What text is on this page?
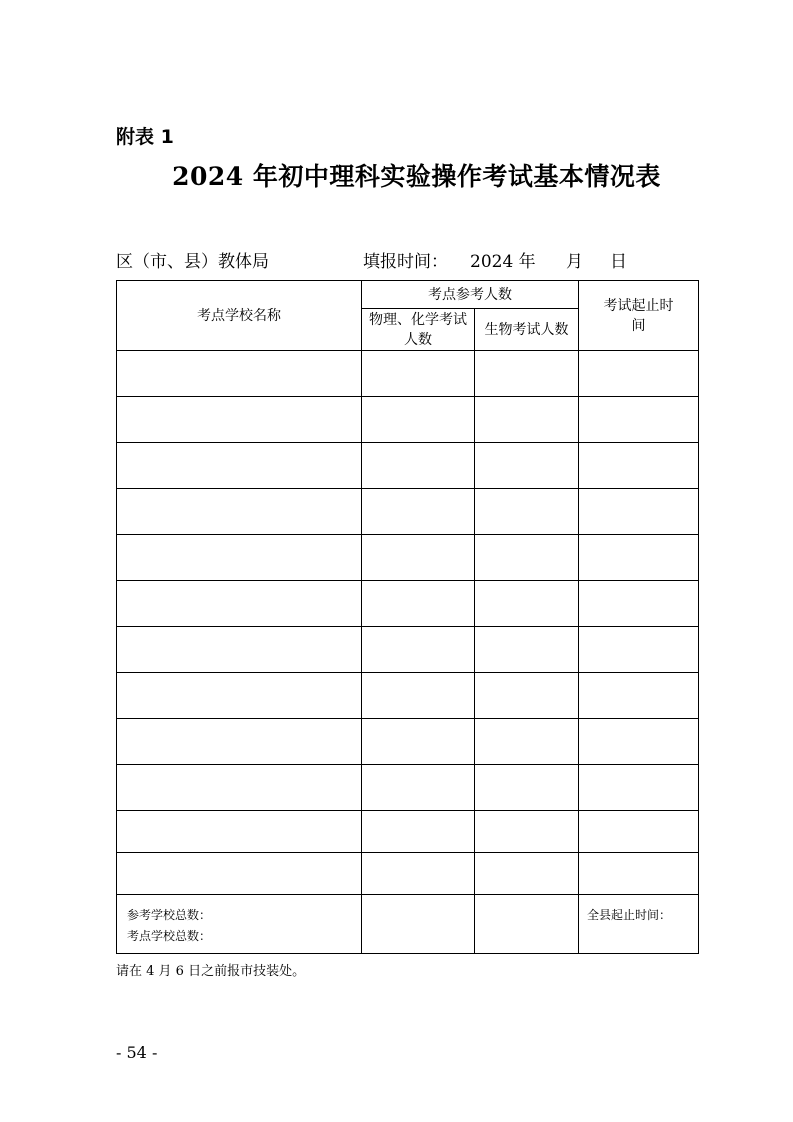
附表 1
2024 年初中理科实验操作考试基本情况表

区（市、县）教体局

	填报时间：

2024 年

月

日

考点学校名称	考点参考人数		考试起止时　间
	物理、化学考试人数	生物考试人数	

参考学校总数：
考点学校总数：			全县起止时间：
请在 4 月 6 日之前报市技装处。
- 54 -
